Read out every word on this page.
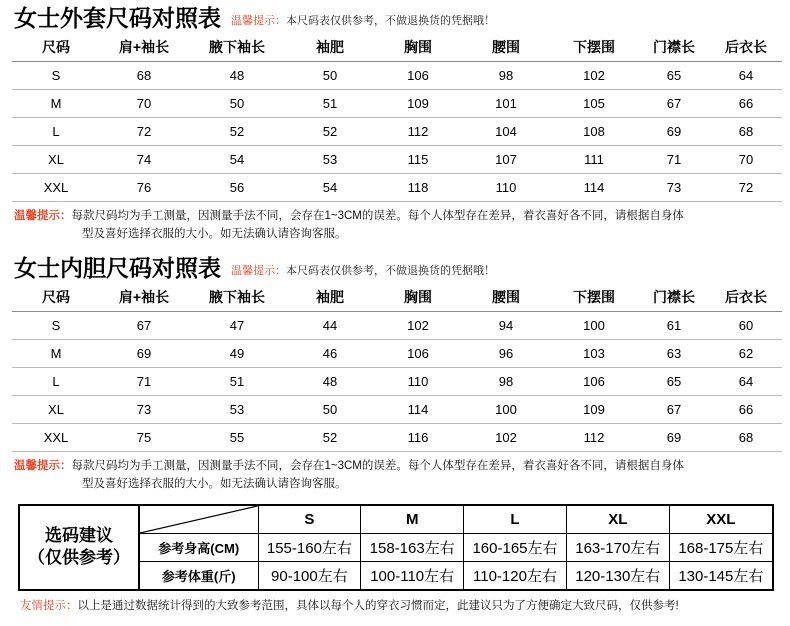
女士外套尺码对照表 温馨提示：本尺码表仅供参考，不做退换货的凭据哦！
尺码	肩+袖长	腋下袖长	袖肥	胸围	腰围	下摆围	门襟长	后衣长
S	68	48	50	106	98	102	65	64
M	70	50	51	109	101	105	67	66
L	72	52	52	112	104	108	69	68
XL	74	54	53	115	107	111	71	70
XXL	76	56	54	118	110	114	73	72

温馨提示：每款尺码均为手工测量，因测量手法不同，会存在1~3CM的误差。每个人体型存在差异，着衣喜好各不同，请根据自身体

型及喜好选择衣服的大小。如无法确认请咨询客服。

女士内胆尺码对照表 温馨提示：本尺码表仅供参考，不做退换货的凭据哦！
尺码	肩+袖长	腋下袖长	袖肥	胸围	腰围	下摆围	门襟长	后衣长
S	67	47	44	102	94	100	61	60
M	69	49	46	106	96	103	63	62
L	71	51	48	110	98	106	65	64
XL	73	53	50	114	100	109	67	66
XXL	75	55	52	116	102	112	69	68

温馨提示：每款尺码均为手工测量，因测量手法不同，会存在1~3CM的误差。每个人体型存在差异，着衣喜好各不同，请根据自身体

型及喜好选择衣服的大小。如无法确认请咨询客服。

选码建议
（仅供参考）
	S	M	L	XL	XXL
参考身高(CM)	155-160左右	158-163左右	160-165左右	163-170左右	168-175左右
参考体重(斤)	90-100左右	100-110左右	110-120左右	120-130左右	130-145左右
友情提示：以上是通过数据统计得到的大致参考范围，具体以每个人的穿衣习惯而定，此建议只为了方便确定大致尺码，仅供参考!
